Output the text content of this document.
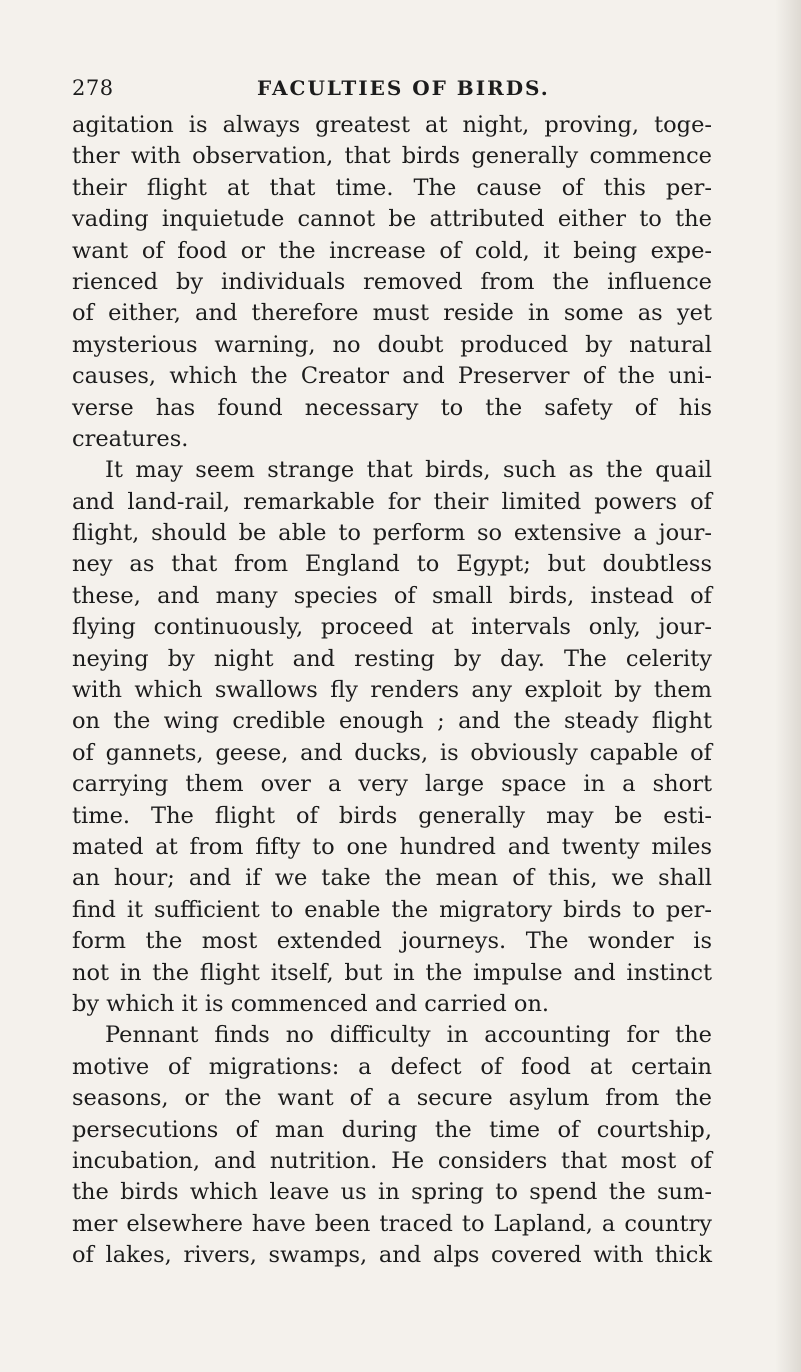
278	FACULTIES OF BIRDS.
agitation is always greatest at night, proving, toge-
ther with observation, that birds generally commence
their flight at that time. The cause of this per-
vading inquietude cannot be attributed either to the
want of food or the increase of cold, it being expe-
rienced by individuals removed from the influence
of either, and therefore must reside in some as yet
mysterious warning, no doubt produced by natural
causes, which the Creator and Preserver of the uni-
verse has found necessary to the safety of his
creatures.
It may seem strange that birds, such as the quail
and land-rail, remarkable for their limited powers of
flight, should be able to perform so extensive a jour-
ney as that from England to Egypt; but doubtless
these, and many species of small birds, instead of
flying continuously, proceed at intervals only, jour-
neying by night and resting by day. The celerity
with which swallows fly renders any exploit by them
on the wing credible enough ; and the steady flight
of gannets, geese, and ducks, is obviously capable of
carrying them over a very large space in a short
time. The flight of birds generally may be esti-
mated at from fifty to one hundred and twenty miles
an hour; and if we take the mean of this, we shall
find it sufficient to enable the migratory birds to per-
form the most extended journeys. The wonder is
not in the flight itself, but in the impulse and instinct
by which it is commenced and carried on.
Pennant finds no difficulty in accounting for the
motive of migrations: a defect of food at certain
seasons, or the want of a secure asylum from the
persecutions of man during the time of courtship,
incubation, and nutrition. He considers that most of
the birds which leave us in spring to spend the sum-
mer elsewhere have been traced to Lapland, a country
of lakes, rivers, swamps, and alps covered with thick
